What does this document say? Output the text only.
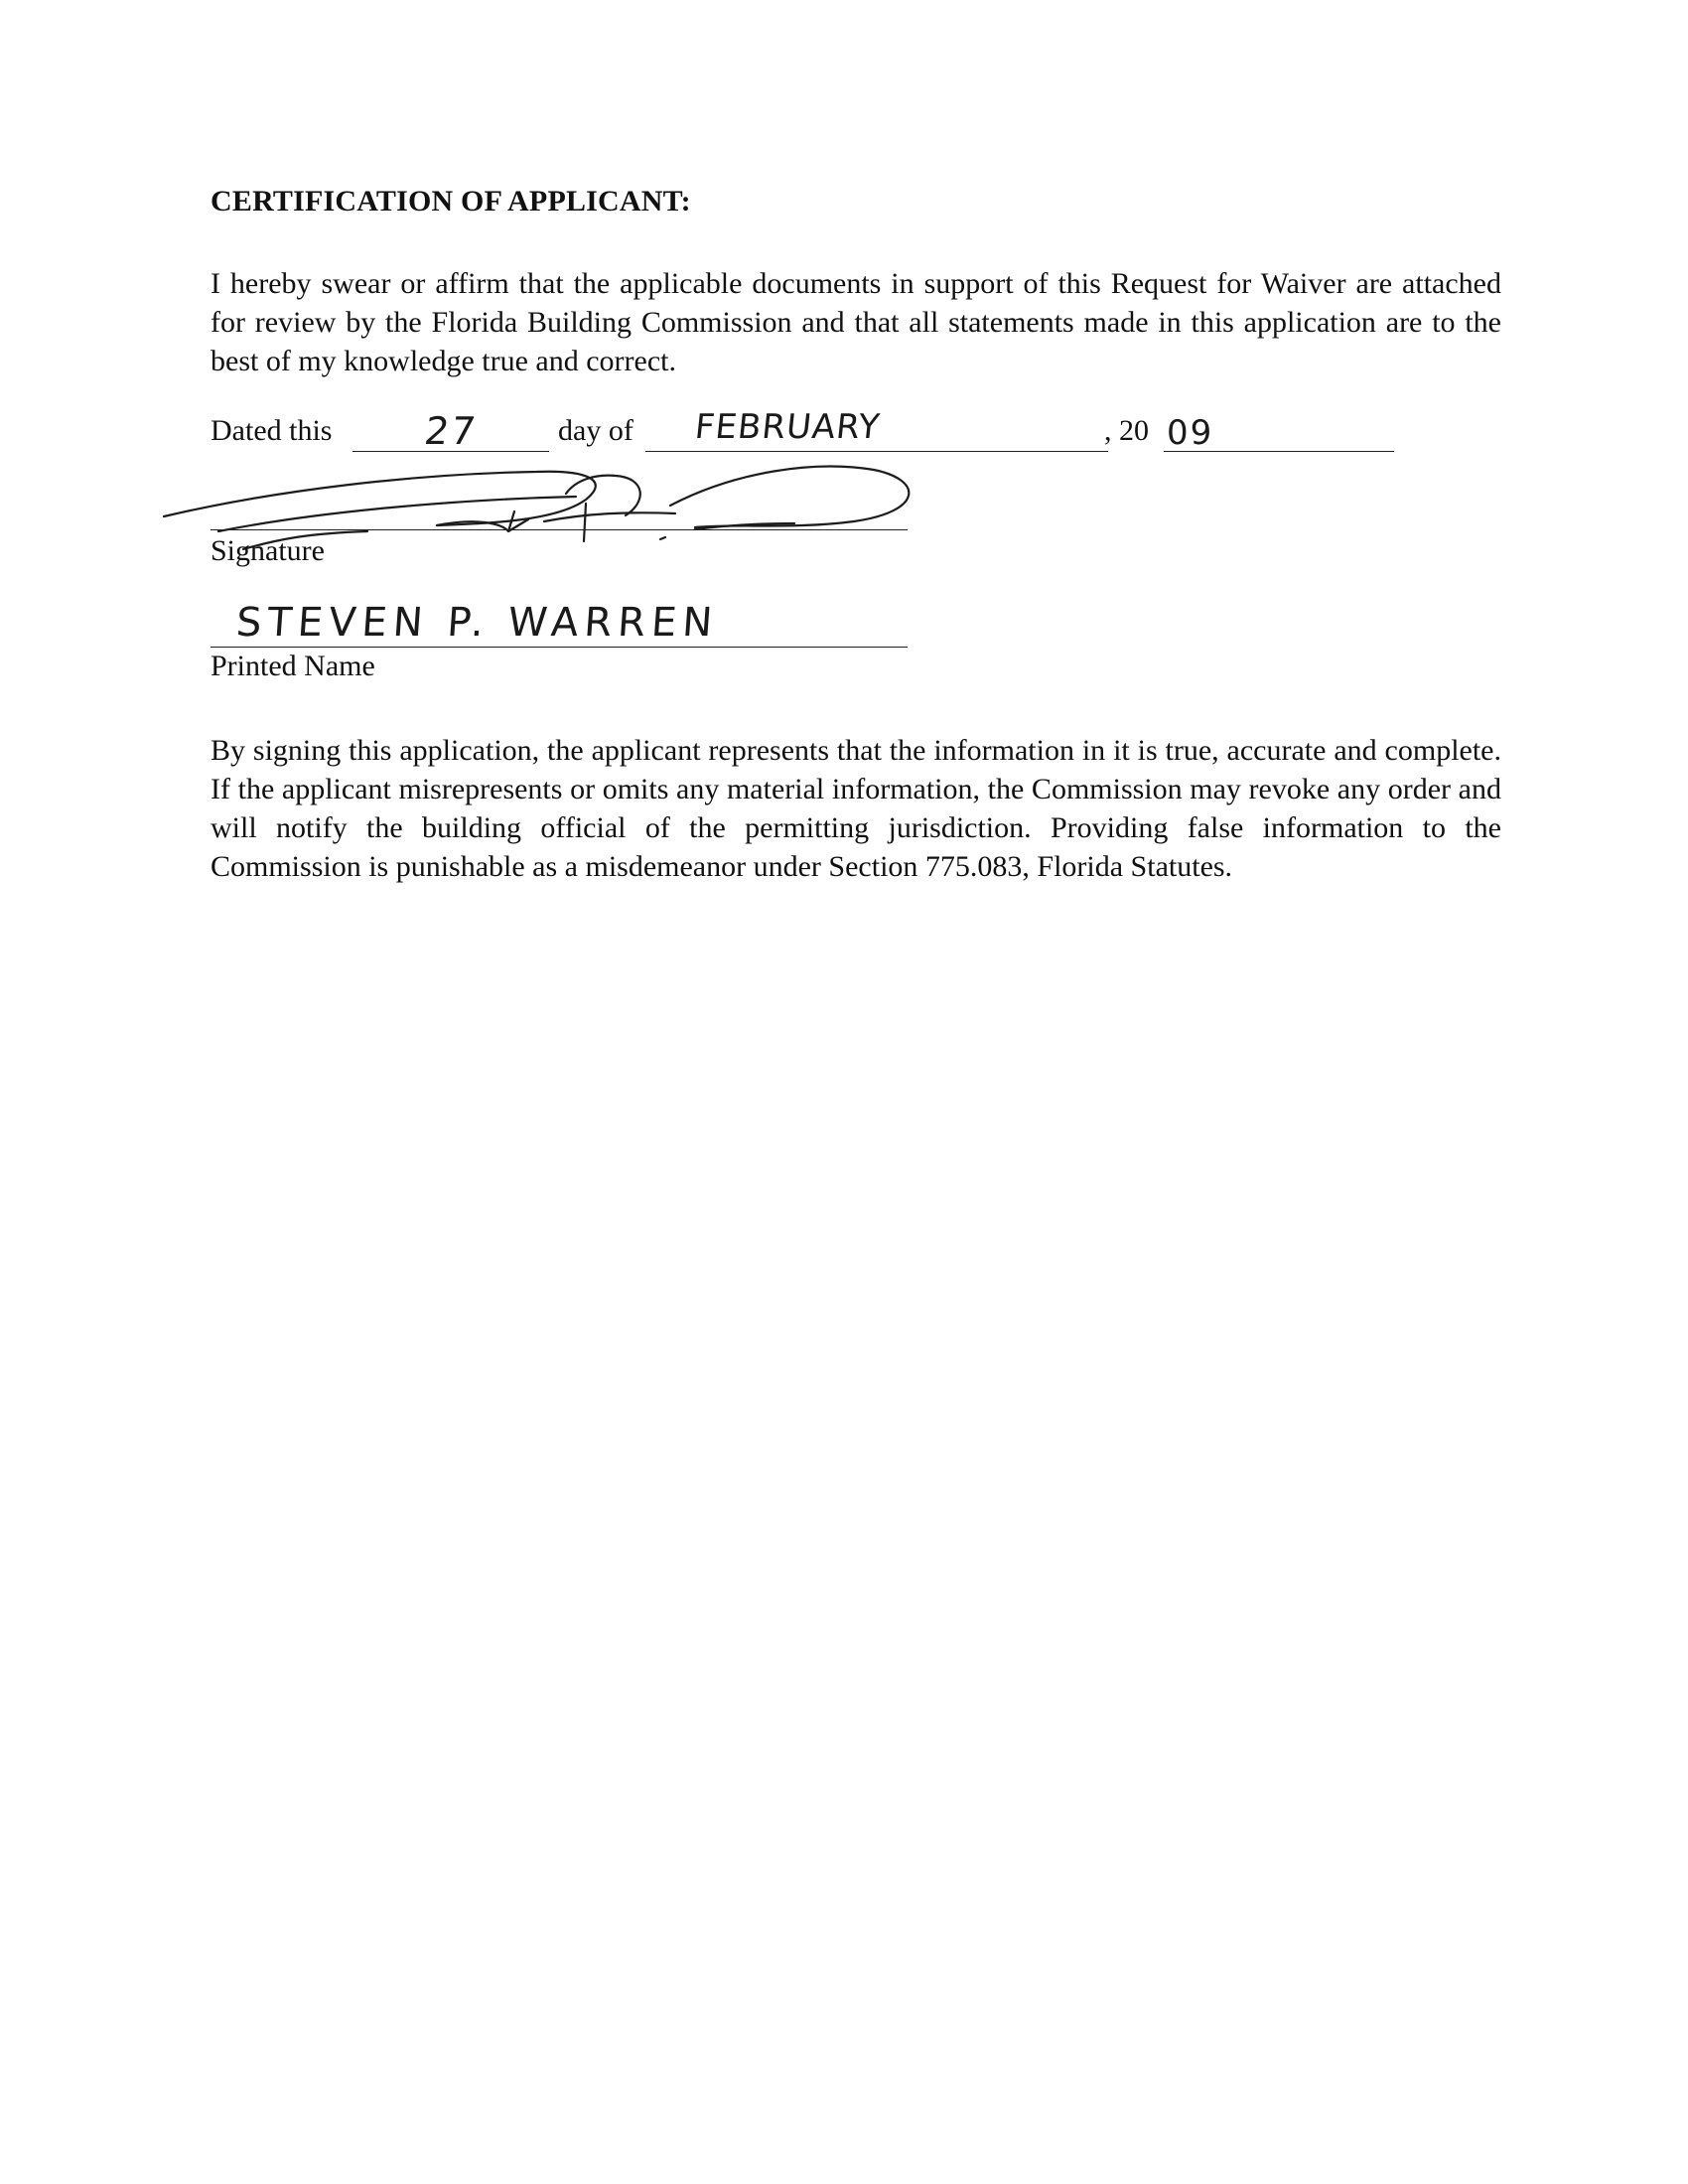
CERTIFICATION OF APPLICANT:
I hereby swear or affirm that the applicable documents in support of this Request for Waiver are attached for review by the Florida Building Commission and that all statements made in this application are to the best of my knowledge true and correct.
Dated this 27	day of FEBRUARY	, 20 09
Signature
STEVEN P. WARREN
Printed Name
By signing this application, the applicant represents that the information in it is true, accurate and complete. If the applicant misrepresents or omits any material information, the Commission may revoke any order and will notify the building official of the permitting jurisdiction. Providing false information to the Commission is punishable as a misdemeanor under Section 775.083, Florida Statutes.
